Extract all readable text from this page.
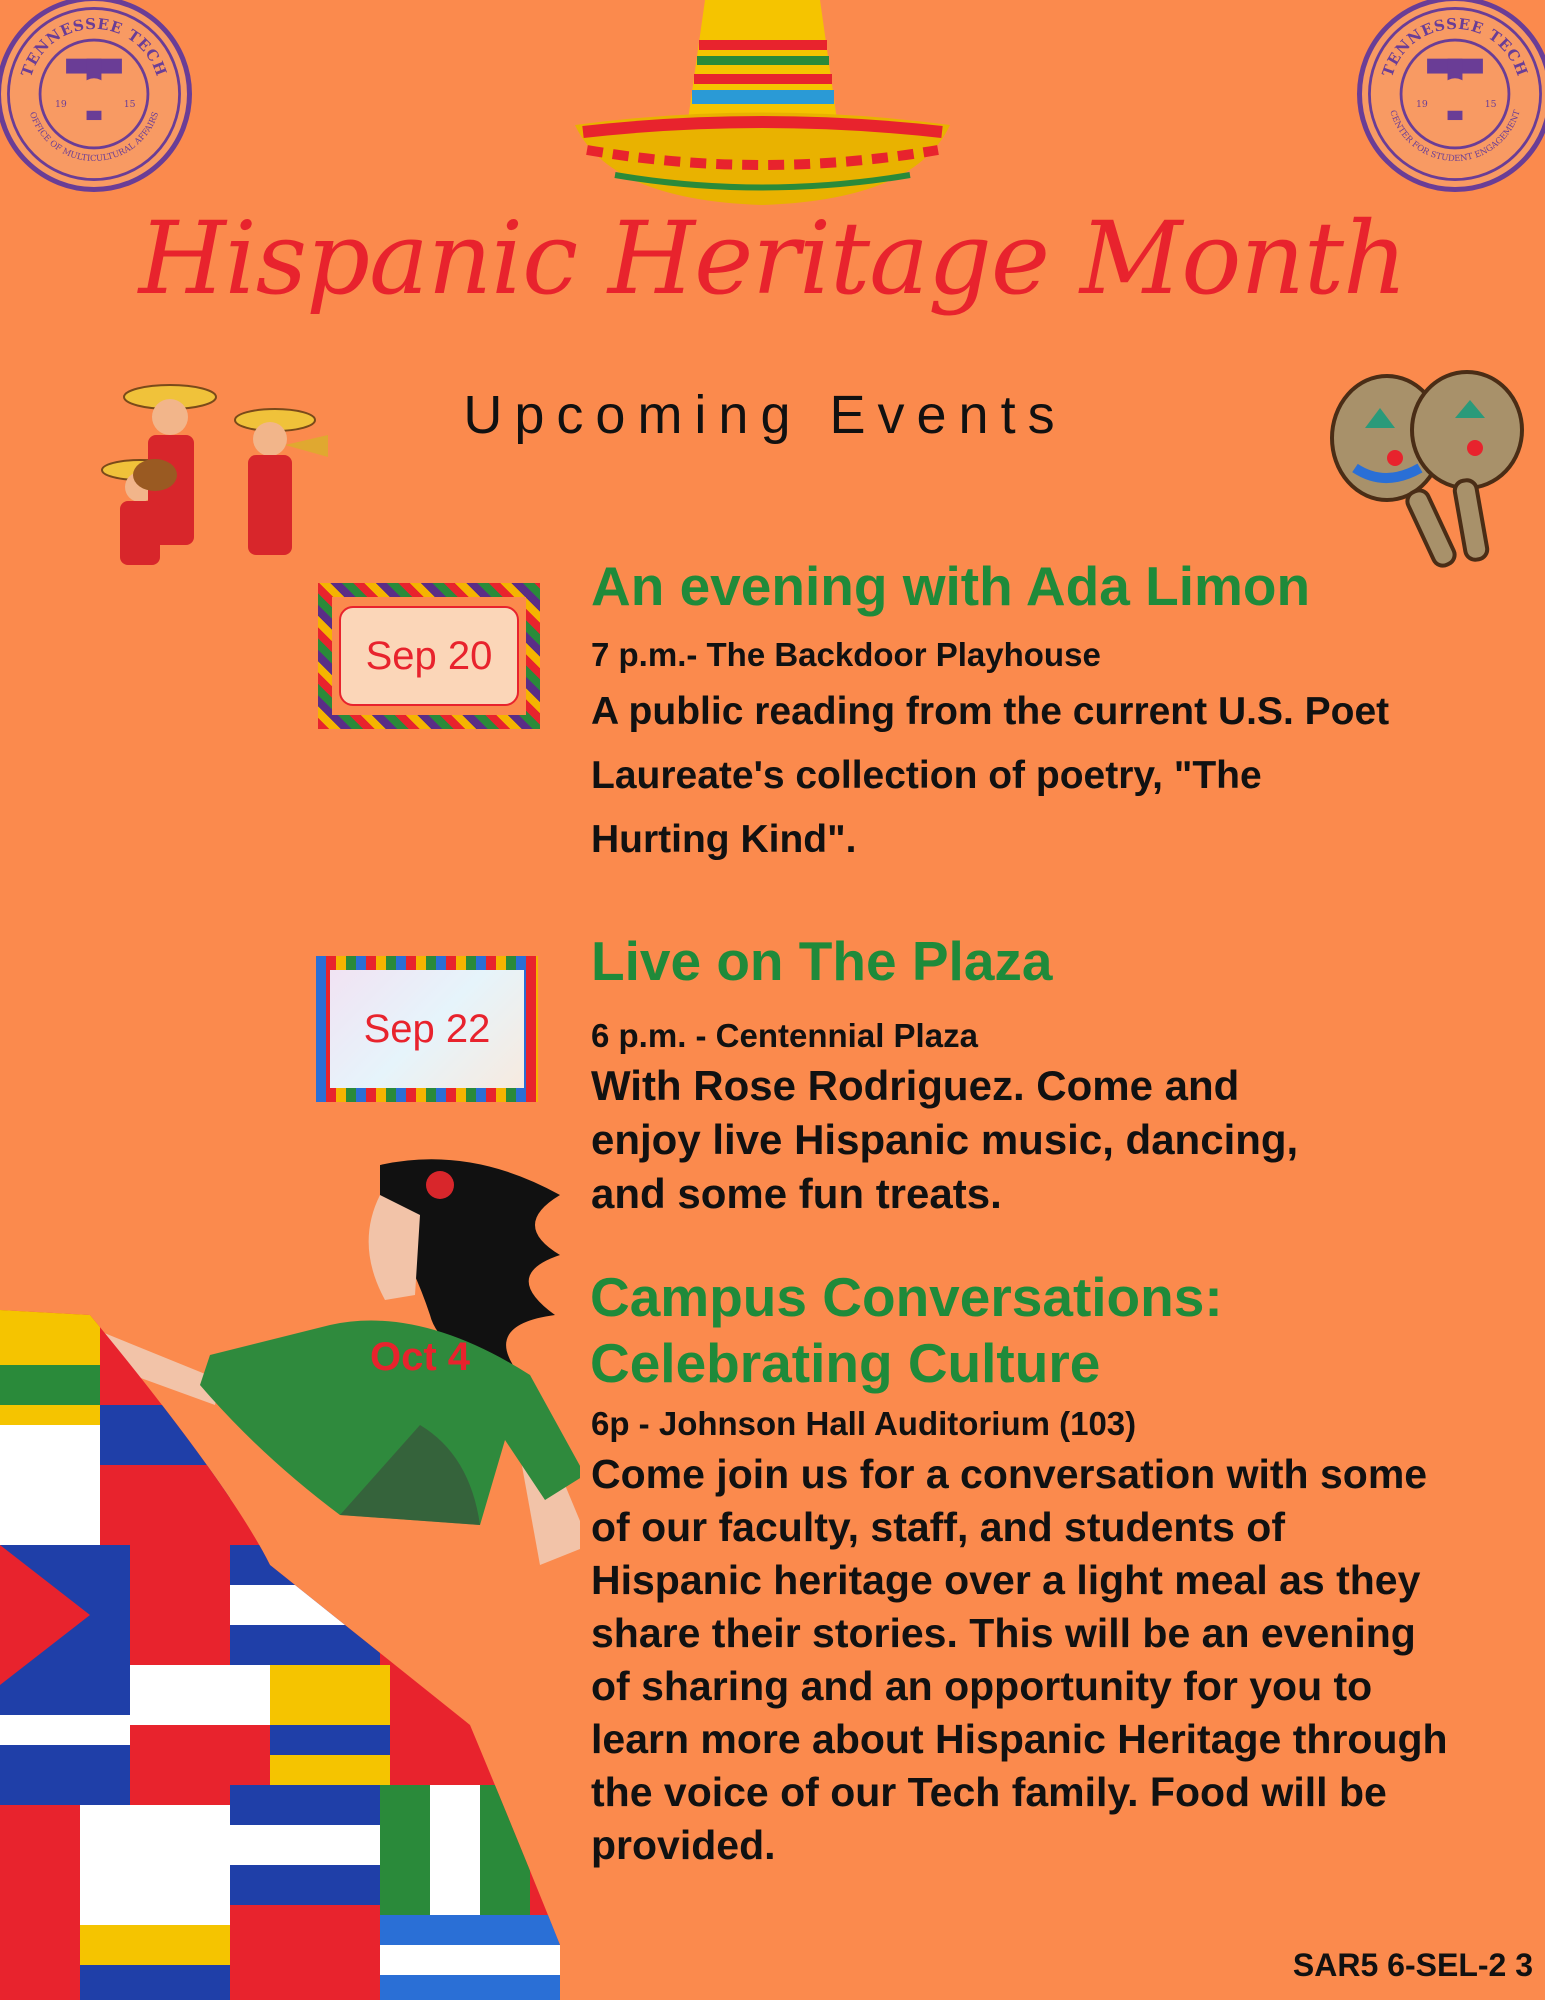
TENNESSEE TECH
OFFICE OF MULTICULTURAL AFFAIRS
19	15
TENNESSEE TECH
CENTER FOR STUDENT ENGAGEMENT
19	15
Hispanic Heritage Month
Upcoming Events
Sep 20
An evening with Ada Limon
7 p.m.- The Backdoor Playhouse
A public reading from the current U.S. Poet Laureate's collection of poetry, "The Hurting Kind".
Sep 22
Live on The Plaza
6 p.m. - Centennial Plaza
With Rose Rodriguez. Come and enjoy live Hispanic music, dancing, and some fun treats.
Oct 4
Campus Conversations:
Celebrating Culture
6p - Johnson Hall Auditorium (103)
Come join us for a conversation with some of our faculty, staff, and students of Hispanic heritage over a light meal as they share their stories. This will be an evening of sharing and an opportunity for you to learn more about Hispanic Heritage through the voice of our Tech family. Food will be provided.
SAR5 6-SEL-2 3
